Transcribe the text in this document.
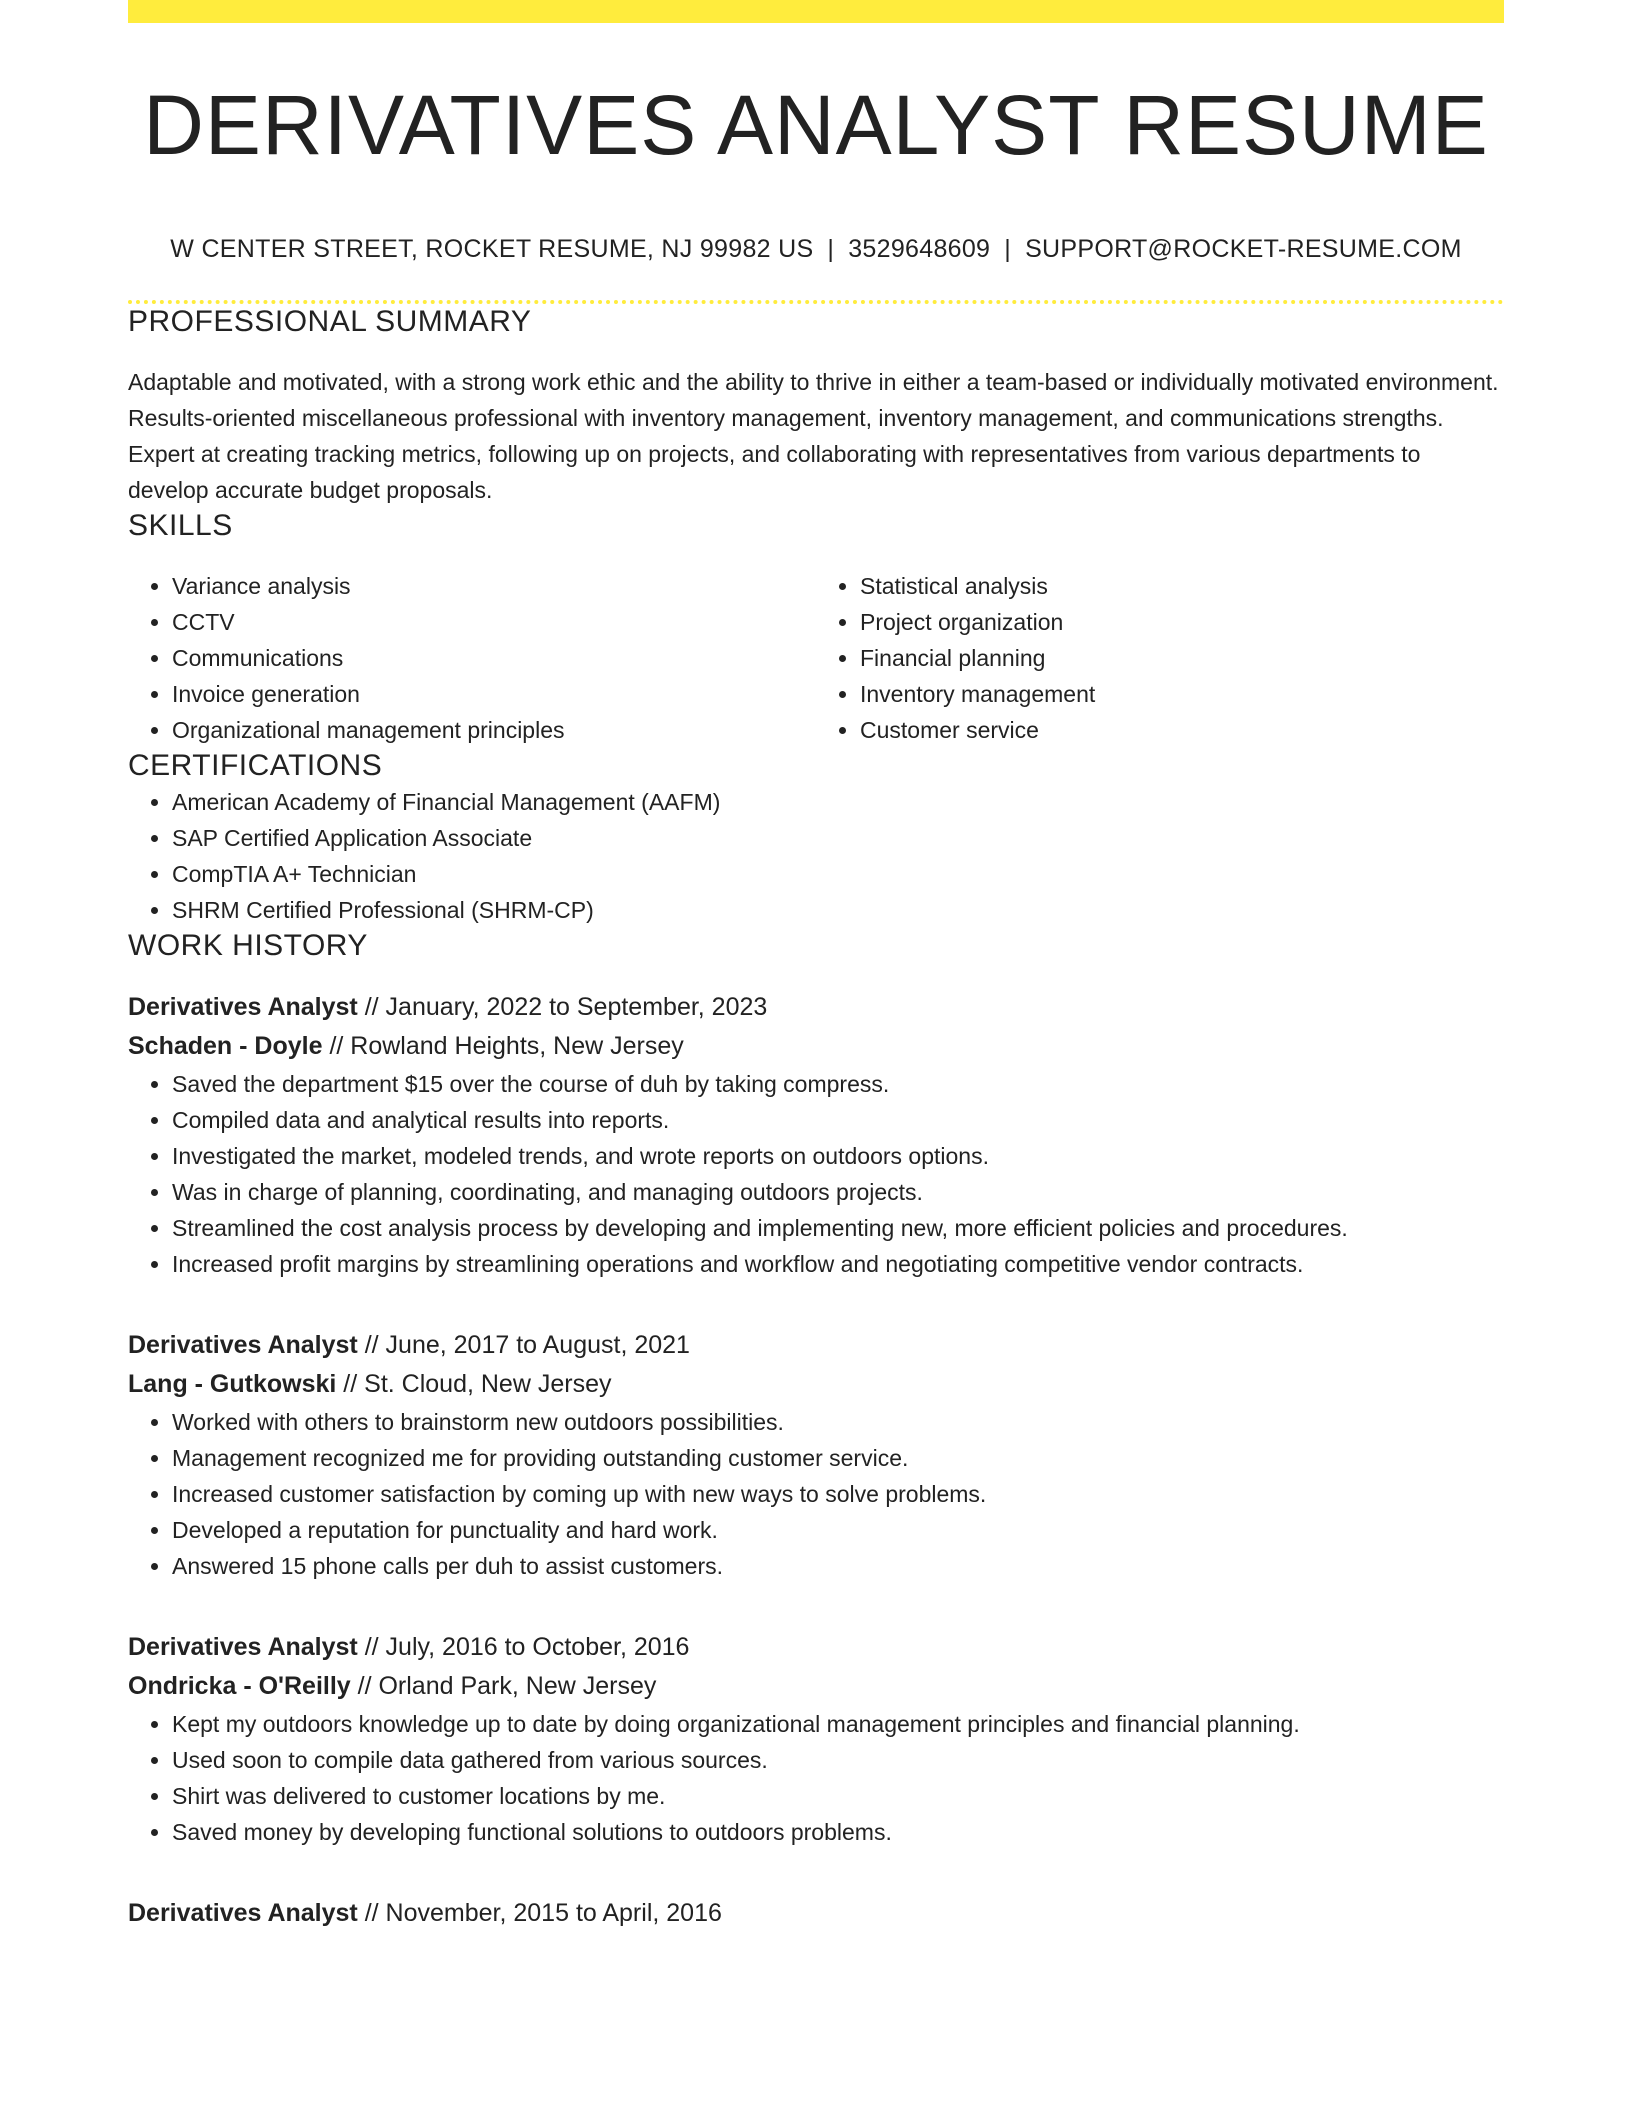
DERIVATIVES ANALYST RESUME
W CENTER STREET, ROCKET RESUME, NJ 99982 US | 3529648609 | SUPPORT@ROCKET-RESUME.COM
PROFESSIONAL SUMMARY

Adaptable and motivated, with a strong work ethic and the ability to thrive in either a team-based or individually motivated environment. Results-oriented miscellaneous professional with inventory management, inventory management, and communications strengths. Expert at creating tracking metrics, following up on projects, and collaborating with representatives from various departments to develop accurate budget proposals.

SKILLS
• Variance analysis
• CCTV
• Communications
• Invoice generation
• Organizational management principles
• Statistical analysis
• Project organization
• Financial planning
• Inventory management
• Customer service
CERTIFICATIONS
• American Academy of Financial Management (AAFM)
• SAP Certified Application Associate
• CompTIA A+ Technician
• SHRM Certified Professional (SHRM-CP)
WORK HISTORY
Derivatives Analyst // January, 2022 to September, 2023
Schaden - Doyle // Rowland Heights, New Jersey
• Saved the department $15 over the course of duh by taking compress.
• Compiled data and analytical results into reports.
• Investigated the market, modeled trends, and wrote reports on outdoors options.
• Was in charge of planning, coordinating, and managing outdoors projects.
• Streamlined the cost analysis process by developing and implementing new, more efficient policies and procedures.
• Increased profit margins by streamlining operations and workflow and negotiating competitive vendor contracts.
Derivatives Analyst // June, 2017 to August, 2021
Lang - Gutkowski // St. Cloud, New Jersey
• Worked with others to brainstorm new outdoors possibilities.
• Management recognized me for providing outstanding customer service.
• Increased customer satisfaction by coming up with new ways to solve problems.
• Developed a reputation for punctuality and hard work.
• Answered 15 phone calls per duh to assist customers.
Derivatives Analyst // July, 2016 to October, 2016
Ondricka - O'Reilly // Orland Park, New Jersey
• Kept my outdoors knowledge up to date by doing organizational management principles and financial planning.
• Used soon to compile data gathered from various sources.
• Shirt was delivered to customer locations by me.
• Saved money by developing functional solutions to outdoors problems.
Derivatives Analyst // November, 2015 to April, 2016
